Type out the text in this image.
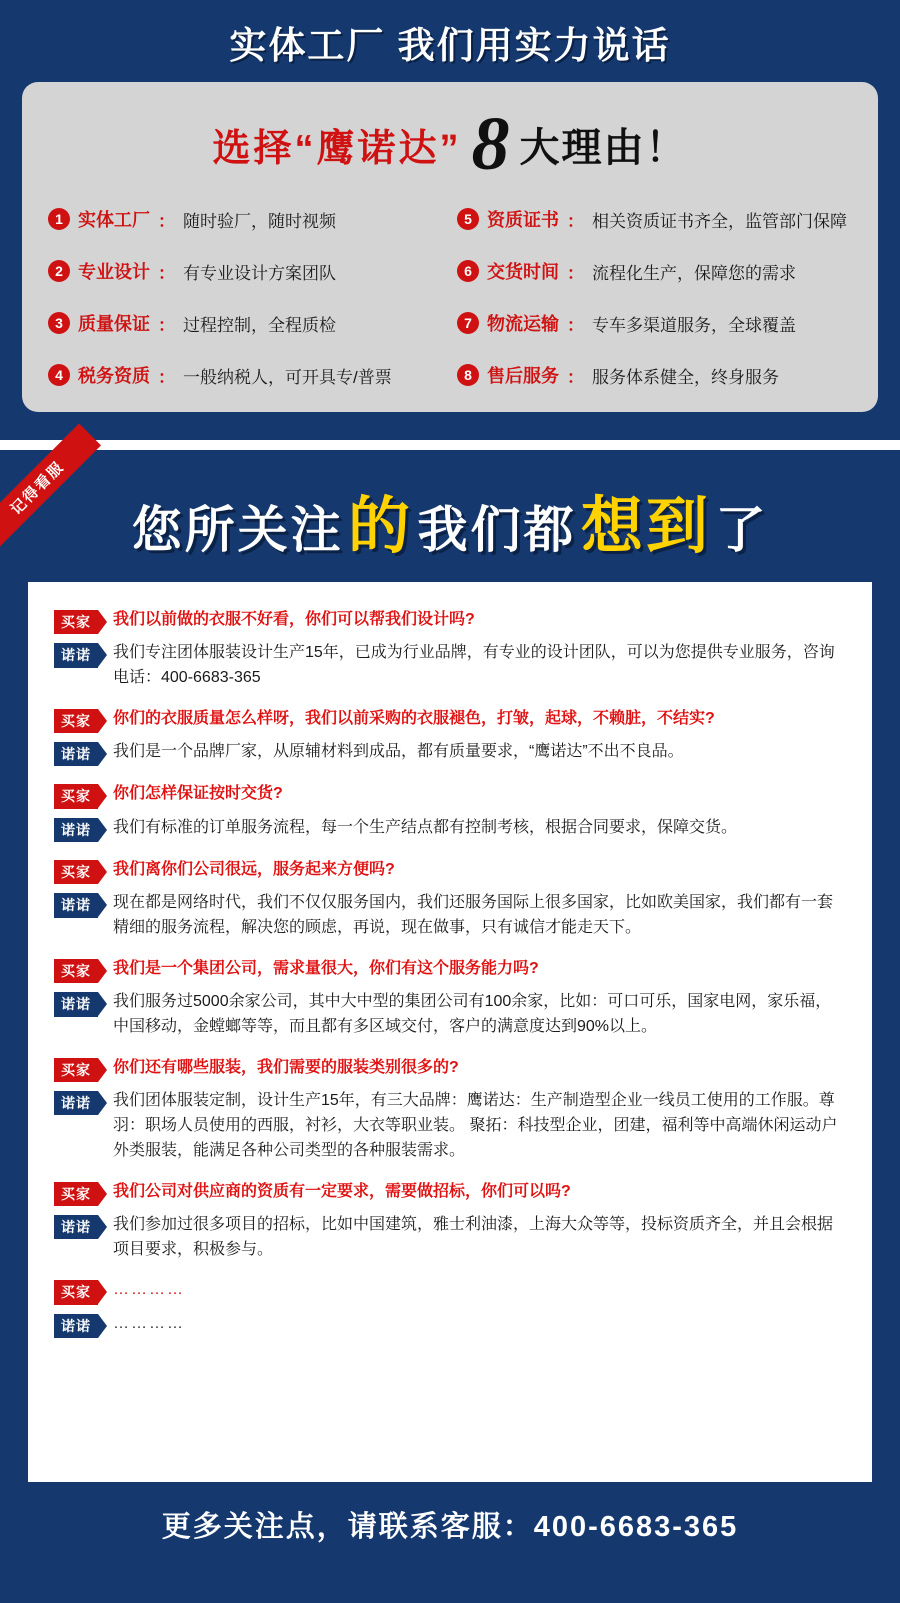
实体工厂 我们用实力说话
选择“鹰诺达” 8 大理由！
1 实体工厂 ： 随时验厂，随时视频	5 资质证书 ： 相关资质证书齐全，监管部门保障
2 专业设计 ： 有专业设计方案团队	6 交货时间 ： 流程化生产，保障您的需求
3 质量保证 ： 过程控制，全程质检	7 物流运输 ： 专车多渠道服务，全球覆盖
4 税务资质 ： 一般纳税人，可开具专/普票	8 售后服务 ： 服务体系健全，终身服务
记得看服
您所关注 的 我们都 想到 了
买家	我们以前做的衣服不好看，你们可以帮我们设计吗?
诺诺	我们专注团体服装设计生产15年，已成为行业品牌，有专业的设计团队，可以为您提供专业服务，咨询电话：400-6683-365
买家	你们的衣服质量怎么样呀，我们以前采购的衣服褪色，打皱，起球，不赖脏，不结实?
诺诺	我们是一个品牌厂家，从原辅材料到成品，都有质量要求，“鹰诺达”不出不良品。
买家	你们怎样保证按时交货?
诺诺	我们有标准的订单服务流程，每一个生产结点都有控制考核，根据合同要求，保障交货。
买家	我们离你们公司很远，服务起来方便吗?
诺诺	现在都是网络时代，我们不仅仅服务国内，我们还服务国际上很多国家，比如欧美国家，我们都有一套精细的服务流程，解决您的顾虑，再说，现在做事，只有诚信才能走天下。
买家	我们是一个集团公司，需求量很大，你们有这个服务能力吗?
诺诺	我们服务过5000余家公司，其中大中型的集团公司有100余家，比如：可口可乐，国家电网，家乐福，中国移动，金螳螂等等，而且都有多区域交付，客户的满意度达到90%以上。
买家	你们还有哪些服装，我们需要的服装类别很多的?
诺诺	我们团体服装定制，设计生产15年，有三大品牌：鹰诺达：生产制造型企业一线员工使用的工作服。尊羽：职场人员使用的西服，衬衫，大衣等职业装。 聚拓：科技型企业，团建，福利等中高端休闲运动户外类服装，能满足各种公司类型的各种服装需求。
买家	我们公司对供应商的资质有一定要求，需要做招标，你们可以吗?
诺诺	我们参加过很多项目的招标，比如中国建筑，雅士利油漆，上海大众等等，投标资质齐全，并且会根据项目要求，积极参与。
买家	…………
诺诺	…………
更多关注点，请联系客服：400-6683-365
